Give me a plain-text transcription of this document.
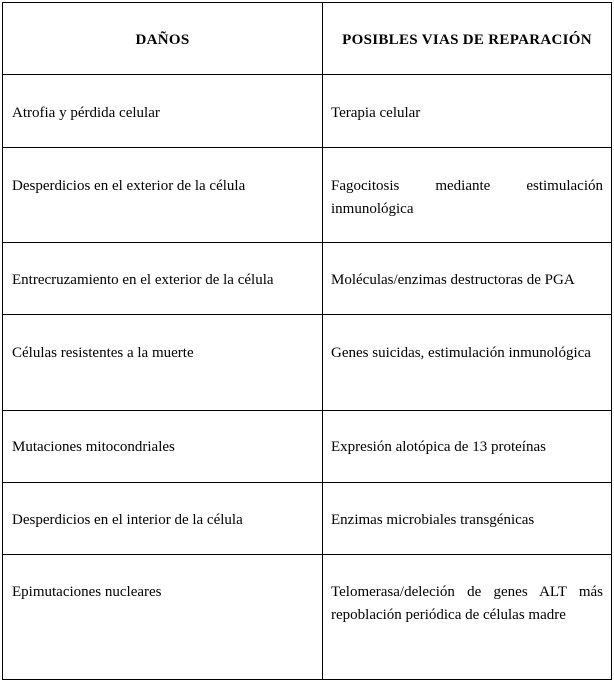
DAÑOS	POSIBLES VIAS DE REPARACIÓN

Atrofia y pérdida celular	Terapia celular

Desperdicios en el exterior de la célula	Fagocitosis mediante estimulación inmunológica

Entrecruzamiento en el exterior de la célula	Moléculas/enzimas destructoras de PGA

Células resistentes a la muerte	Genes suicidas, estimulación inmunológica

Mutaciones mitocondriales	Expresión alotópica de 13 proteínas

Desperdicios en el interior de la célula	Enzimas microbiales transgénicas

Epimutaciones nucleares	Telomerasa/deleción de genes ALT más repoblación periódica de células madre
